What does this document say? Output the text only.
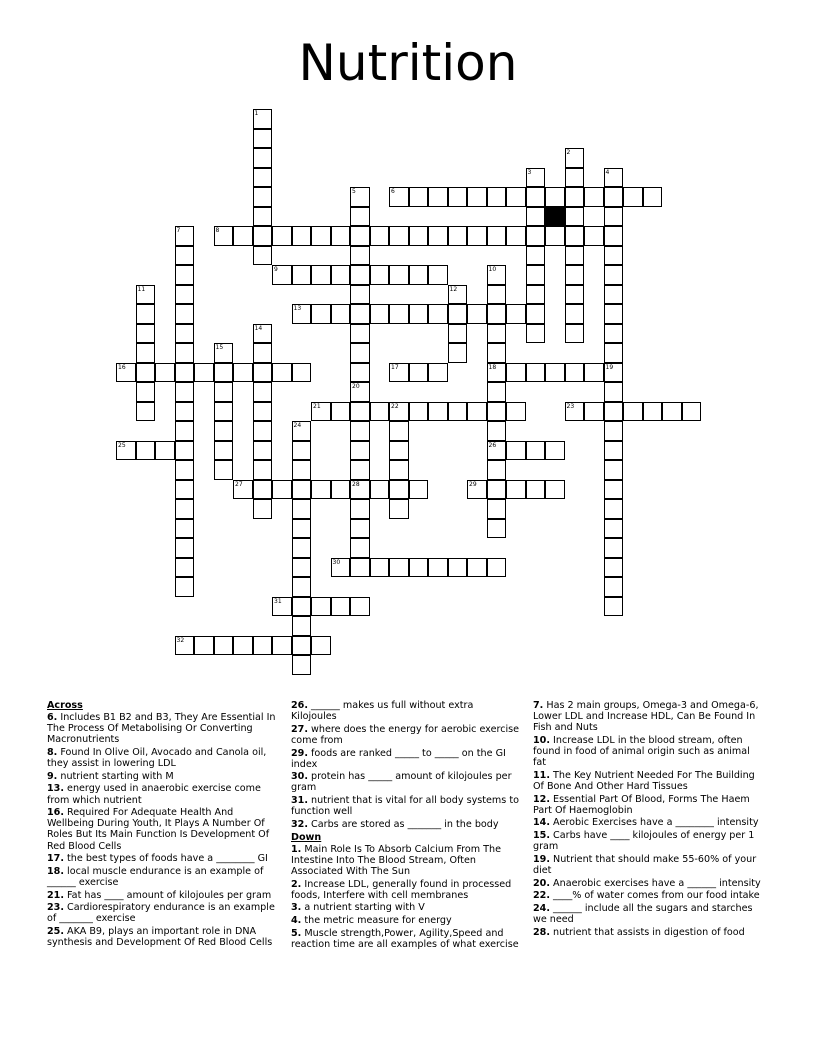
Nutrition
1
2
3	4
5	6
7	8
9	10
18
26
11	12
13
14
15
16	17	19
20
28
21	22	23
24
25
27	29
30
31
32
Across
6. Includes B1 B2 and B3, They Are Essential In The Process Of Metabolising Or Converting Macronutrients
8. Found In Olive Oil, Avocado and Canola oil, they assist in lowering LDL
9. nutrient starting with M
13. energy used in anaerobic exercise come from which nutrient
16. Required For Adequate Health And Wellbeing During Youth, It Plays A Number Of Roles But Its Main Function Is Development Of Red Blood Cells
17. the best types of foods have a ________ GI
18. local muscle endurance is an example of ______ exercise
21. Fat has ____ amount of kilojoules per gram
23. Cardiorespiratory endurance is an example of _______ exercise
25. AKA B9, plays an important role in DNA synthesis and Development Of Red Blood Cells
26. ______ makes us full without extra Kilojoules
27. where does the energy for aerobic exercise come from
29. foods are ranked _____ to _____ on the GI index
30. protein has _____ amount of kilojoules per gram
31. nutrient that is vital for all body systems to function well
32. Carbs are stored as _______ in the body
Down
1. Main Role Is To Absorb Calcium From The Intestine Into The Blood Stream, Often Associated With The Sun
2. Increase LDL, generally found in processed foods, Interfere with cell membranes
3. a nutrient starting with V
4. the metric measure for energy
5. Muscle strength,Power, Agility,Speed and reaction time are all examples of what exercise
7. Has 2 main groups, Omega-3 and Omega-6, Lower LDL and Increase HDL, Can Be Found In Fish and Nuts
10. Increase LDL in the blood stream, often found in food of animal origin such as animal fat
11. The Key Nutrient Needed For The Building Of Bone And Other Hard Tissues
12. Essential Part Of Blood, Forms The Haem Part Of Haemoglobin
14. Aerobic Exercises have a ________ intensity
15. Carbs have ____ kilojoules of energy per 1 gram
19. Nutrient that should make 55-60% of your diet
20. Anaerobic exercises have a ______ intensity
22. ____% of water comes from our food intake
24. ______ include all the sugars and starches we need
28. nutrient that assists in digestion of food
